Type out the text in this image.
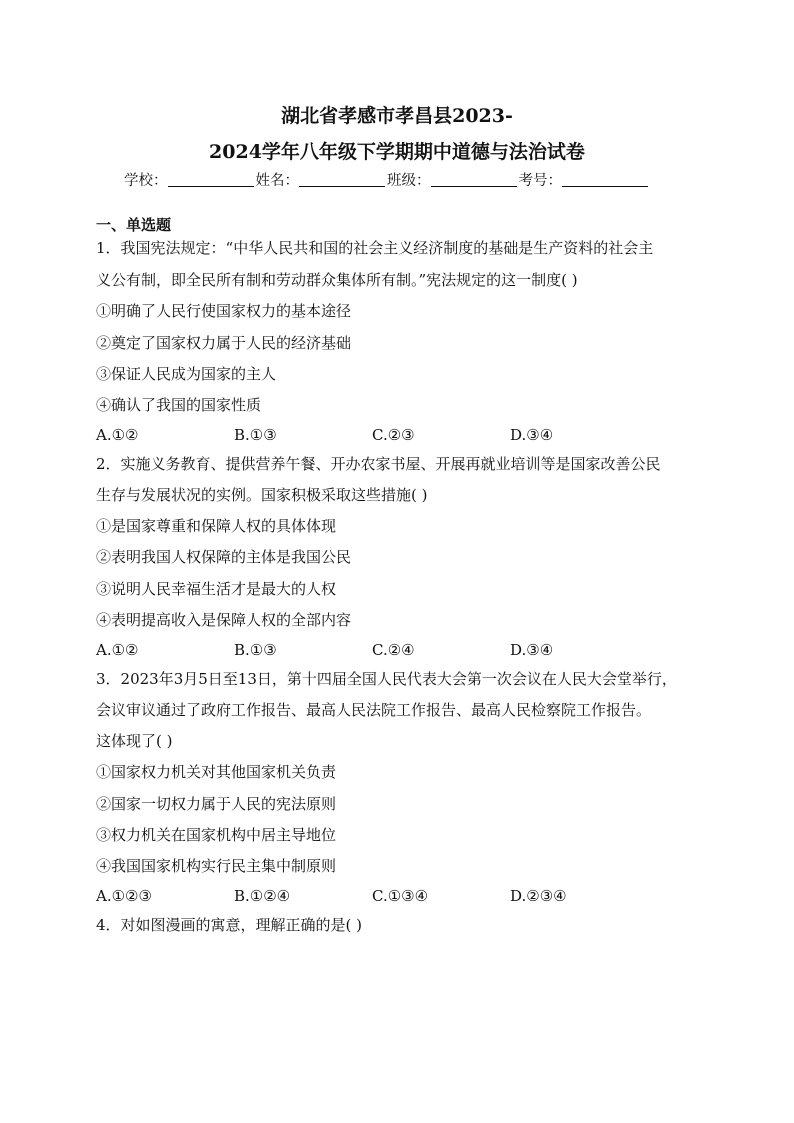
湖北省孝感市孝昌县2023-
2024学年八年级下学期期中道德与法治试卷
学校：	姓名：	班级：	考号：
一、单选题
1．我国宪法规定：“中华人民共和国的社会主义经济制度的基础是生产资料的社会主
义公有制，即全民所有制和劳动群众集体所有制。”宪法规定的这一制度( )
①明确了人民行使国家权力的基本途径
②奠定了国家权力属于人民的经济基础
③保证人民成为国家的主人
④确认了我国的国家性质
A.①②	B.①③	C.②③	D.③④
2．实施义务教育、提供营养午餐、开办农家书屋、开展再就业培训等是国家改善公民
生存与发展状况的实例。国家积极采取这些措施( )
①是国家尊重和保障人权的具体体现
②表明我国人权保障的主体是我国公民
③说明人民幸福生活才是最大的人权
④表明提高收入是保障人权的全部内容
A.①②	B.①③	C.②④	D.③④
3．2023年3月5日至13日，第十四届全国人民代表大会第一次会议在人民大会堂举行，
会议审议通过了政府工作报告、最高人民法院工作报告、最高人民检察院工作报告。
这体现了( )
①国家权力机关对其他国家机关负责
②国家一切权力属于人民的宪法原则
③权力机关在国家机构中居主导地位
④我国国家机构实行民主集中制原则
A.①②③	B.①②④	C.①③④	D.②③④
4．对如图漫画的寓意，理解正确的是( )
